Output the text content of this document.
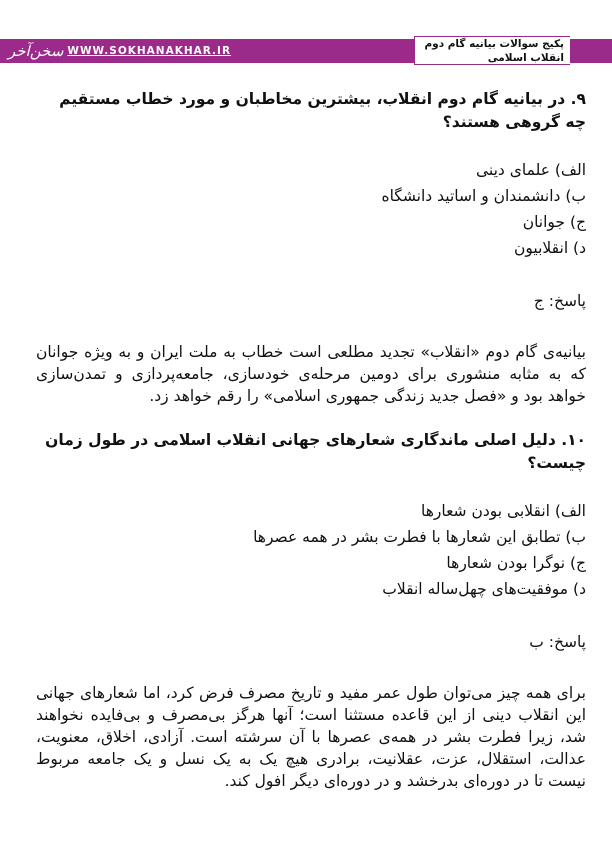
سخن‌آخر WWW.SOKHANAKHAR.IR
پکیج سوالات بیانیه گام دوم
انقلاب اسلامی

۹. در بیانیه گام دوم انقلاب، بیشترین مخاطبان و مورد خطاب مستقیم چه گروهی هستند؟

الف) علمای دینی
ب) دانشمندان و اساتید دانشگاه
ج) جوانان
د) انقلابیون
پاسخ: ج
بیانیه‌ی گام دوم «انقلاب» تجدید مطلعی است خطاب به ملت ایران و به ویژه جوانان که به مثابه منشوری برای دومین مرحله‌ی خودسازی، جامعه‌پردازی و تمدن‌سازی خواهد بود و «فصل جدید زندگی جمهوری اسلامی» را رقم خواهد زد.

۱۰. دلیل اصلی ماندگاری شعارهای جهانی انقلاب اسلامی در طول زمان چیست؟

الف) انقلابی بودن شعارها
ب) تطابق این شعارها با فطرت بشر در همه عصرها
ج) نوگرا بودن شعارها
د) موفقیت‌های چهل‌ساله انقلاب
پاسخ: ب
برای همه چیز می‌توان طول عمر مفید و تاریخ مصرف فرض کرد، اما شعارهای جهانی این انقلاب دینی از این قاعده مستثنا است؛ آنها هرگز بی‌مصرف و بی‌فایده نخواهند شد، زیرا فطرت بشر در همه‌ی عصرها با آن سرشته است. آزادی، اخلاق، معنویت، عدالت، استقلال، عزت، عقلانیت، برادری هیچ یک به یک نسل و یک جامعه مربوط نیست تا در دوره‌ای بدرخشد و در دوره‌ای دیگر افول کند.
